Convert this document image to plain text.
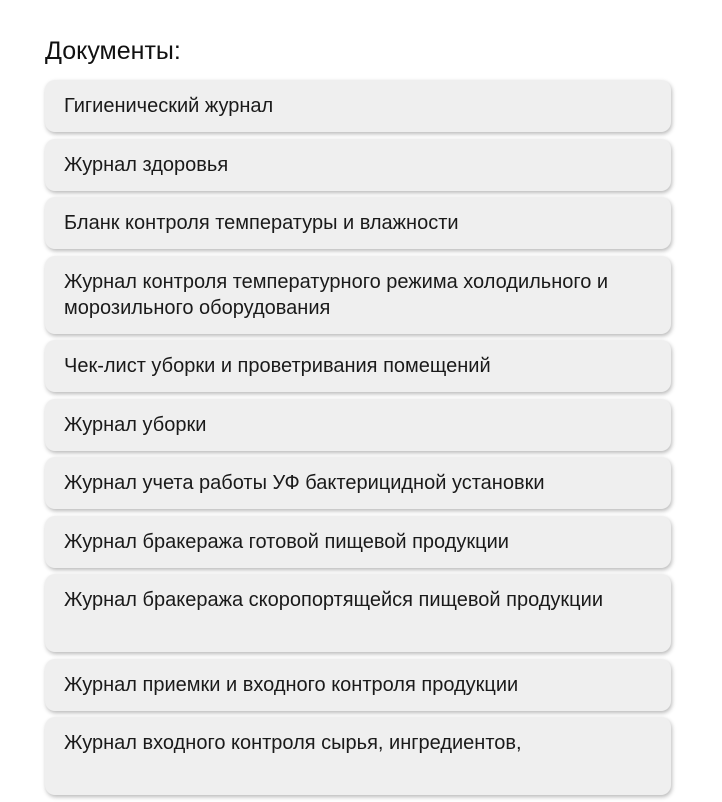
Документы:
Гигиенический журнал
Журнал здоровья
Бланк контроля температуры и влажности
Журнал контроля температурного режима холодильного и морозильного оборудования
Чек-лист уборки и проветривания помещений
Журнал уборки
Журнал учета работы УФ бактерицидной установки
Журнал бракеража готовой пищевой продукции
Журнал бракеража скоропортящейся пищевой продукции
Журнал приемки и входного контроля продукции
Журнал входного контроля сырья, ингредиентов,
